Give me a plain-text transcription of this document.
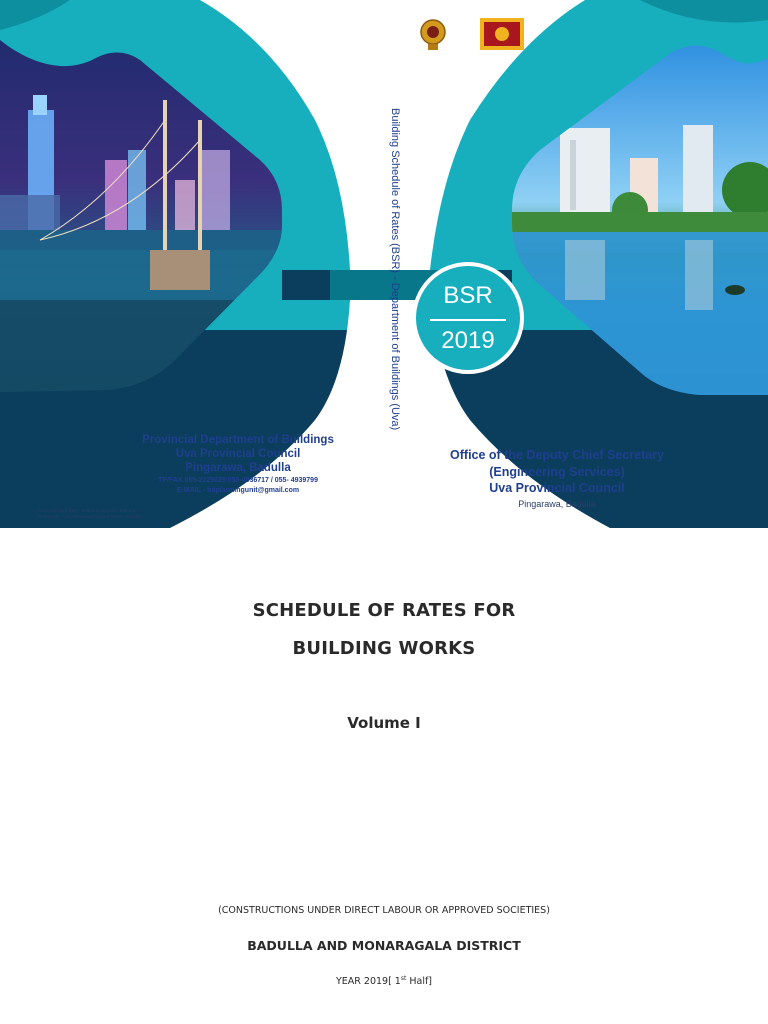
Building Schedule of Rates (BSR) - Department of Buildings (Uva)	BSR
2019
Provincial Department of Buildings
Uva Provincial Council
Pingarawa, Badulla
TP/FAX 055-2229629 055-4936717 / 055- 4939799
E-MAIL - bdplanningunit@gmail.com
Cover Designed By - R.M.G.N.Nuwan Chamara
Printed By - Uva Provincial Council Press - Badulla
Office of the Deputy Chief Secretary
(Engineering Services)
Uva Provincial Council
Pingarawa, Badulla

SCHEDULE OF RATES FOR

BUILDING WORKS

Volume I

(CONSTRUCTIONS UNDER DIRECT LABOUR OR APPROVED SOCIETIES)

BADULLA AND MONARAGALA DISTRICT

YEAR 2019[ 1st Half]
